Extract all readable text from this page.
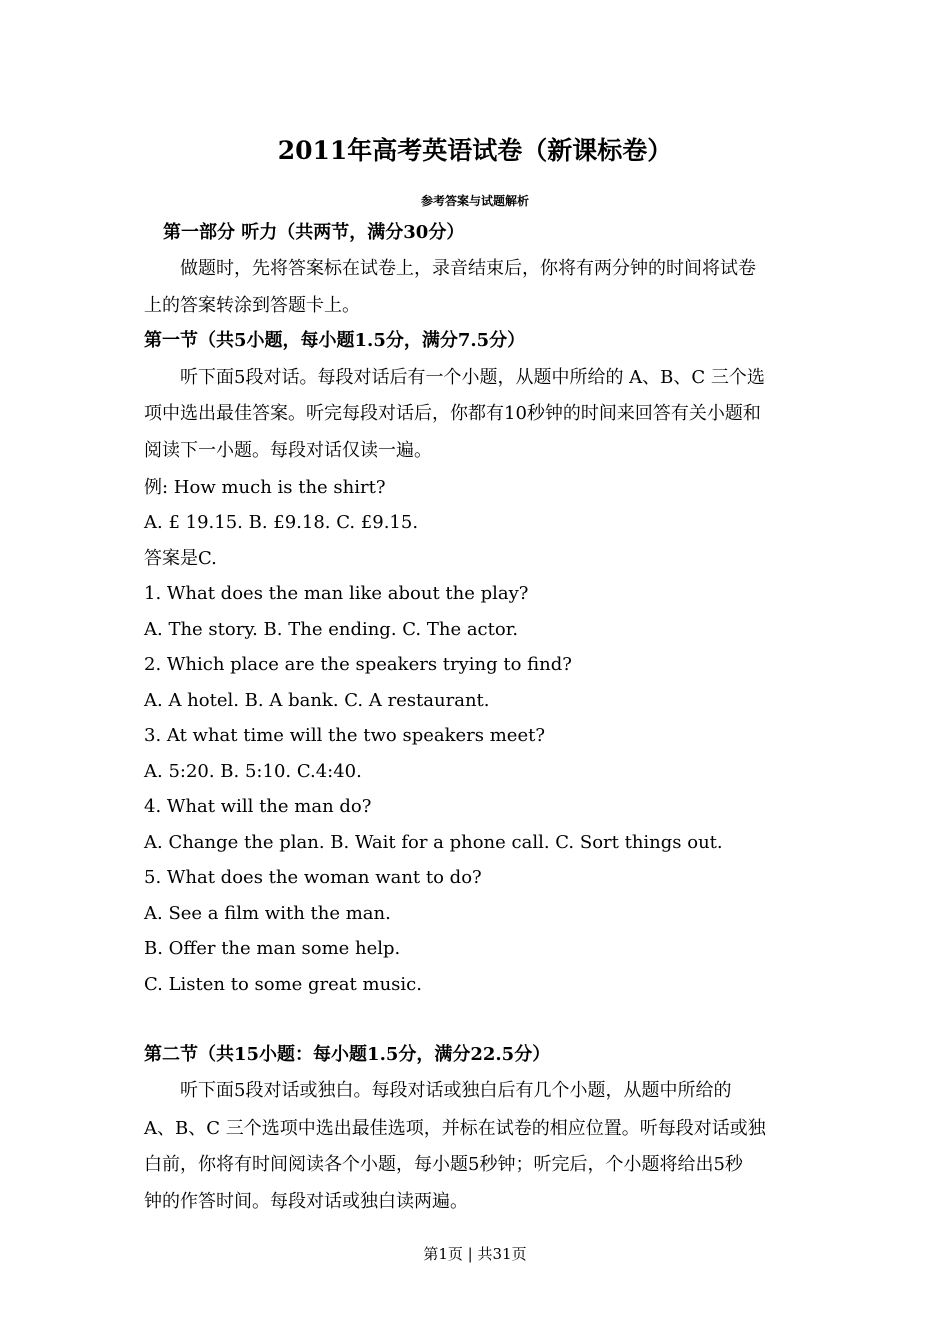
2011年高考英语试卷（新课标卷）
参考答案与试题解析
第一部分 听力（共两节，满分30分）
做题时，先将答案标在试卷上，录音结束后，你将有两分钟的时间将试卷
上的答案转涂到答题卡上。
第一节（共5小题，每小题1.5分，满分7.5分）
听下面5段对话。每段对话后有一个小题，从题中所给的 A、B、C 三个选
项中选出最佳答案。听完每段对话后，你都有10秒钟的时间来回答有关小题和
阅读下一小题。每段对话仅读一遍。
例: How much is the shirt?
A. £ 19.15. B. £9.18. C. £9.15.
答案是C.
1. What does the man like about the play?
A. The story. B. The ending. C. The actor.
2. Which place are the speakers trying to find?
A. A hotel. B. A bank. C. A restaurant.
3. At what time will the two speakers meet?
A. 5:20. B. 5:10. C.4:40.
4. What will the man do?
A. Change the plan. B. Wait for a phone call. C. Sort things out.
5. What does the woman want to do?
A. See a film with the man.
B. Offer the man some help.
C. Listen to some great music.
第二节（共15小题：每小题1.5分，满分22.5分）
听下面5段对话或独白。每段对话或独白后有几个小题，从题中所给的
A、B、C 三个选项中选出最佳选项，并标在试卷的相应位置。听每段对话或独
白前，你将有时间阅读各个小题，每小题5秒钟；听完后，个小题将给出5秒
钟的作答时间。每段对话或独白读两遍。
第1页 | 共31页
